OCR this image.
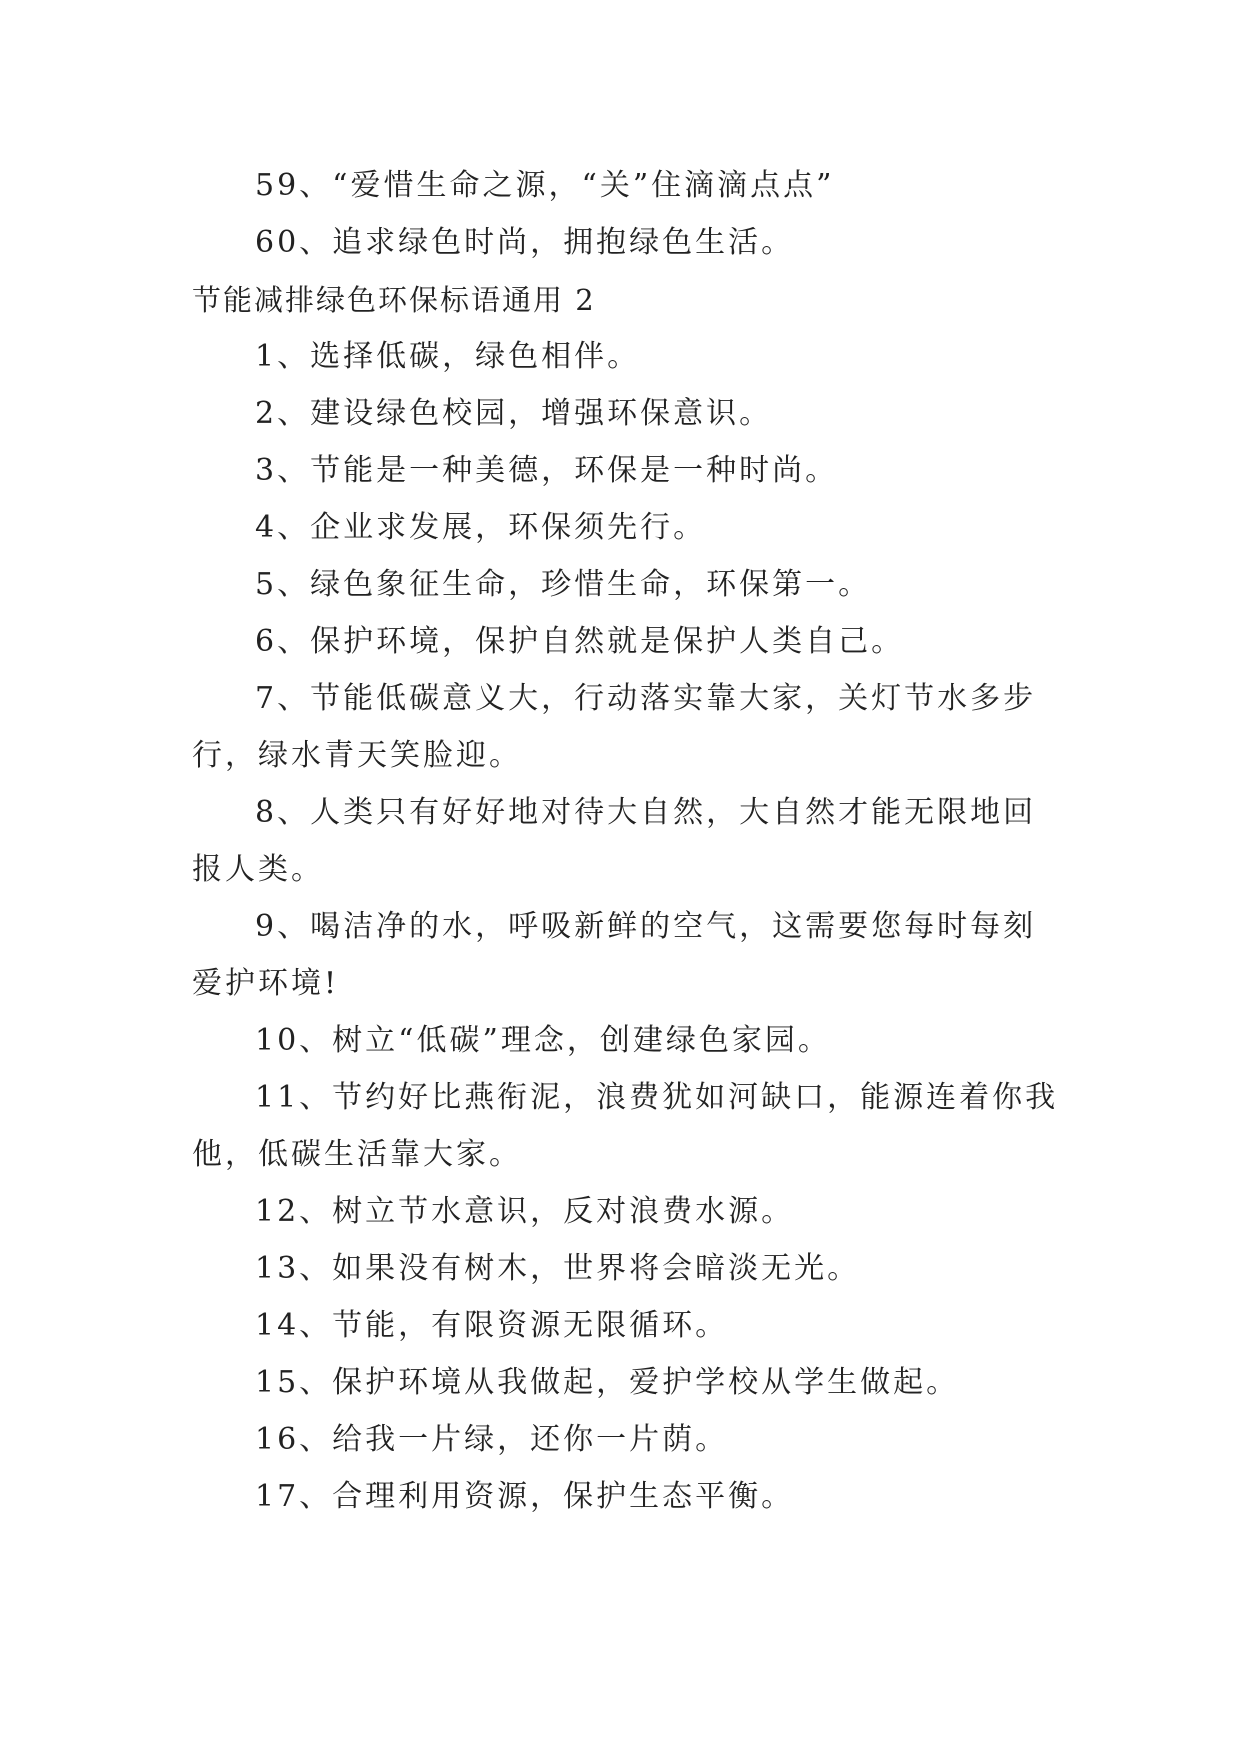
59、“爱惜生命之源，“关”住滴滴点点”

60、追求绿色时尚，拥抱绿色生活。

节能减排绿色环保标语通用 2

1、选择低碳，绿色相伴。

2、建设绿色校园，增强环保意识。

3、节能是一种美德，环保是一种时尚。

4、企业求发展，环保须先行。

5、绿色象征生命，珍惜生命，环保第一。

6、保护环境，保护自然就是保护人类自己。

7、节能低碳意义大，行动落实靠大家，关灯节水多步

行，绿水青天笑脸迎。

8、人类只有好好地对待大自然，大自然才能无限地回

报人类。

9、喝洁净的水，呼吸新鲜的空气，这需要您每时每刻

爱护环境!

10、树立“低碳”理念，创建绿色家园。

11、节约好比燕衔泥，浪费犹如河缺口，能源连着你我

他，低碳生活靠大家。

12、树立节水意识，反对浪费水源。

13、如果没有树木，世界将会暗淡无光。

14、节能，有限资源无限循环。

15、保护环境从我做起，爱护学校从学生做起。

16、给我一片绿，还你一片荫。

17、合理利用资源，保护生态平衡。
